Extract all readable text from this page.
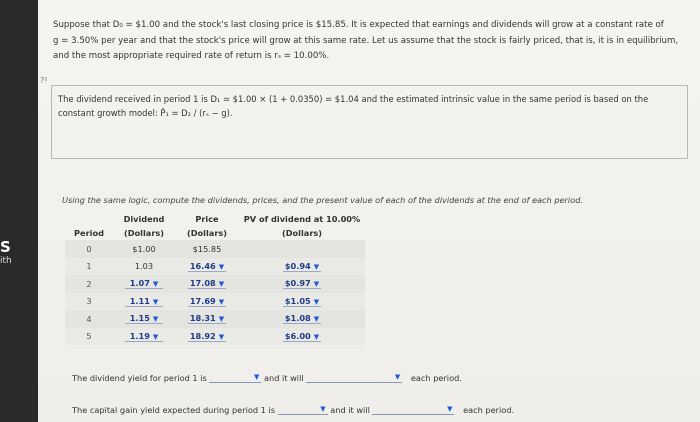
S
ith
Suppose that D₀ = $1.00 and the stock's last closing price is $15.85. It is expected that earnings and dividends will grow at a constant rate of
g = 3.50% per year and that the stock's price will grow at this same rate. Let us assume that the stock is fairly priced, that is, it is in equilibrium,
and the most appropriate required rate of return is rₛ = 10.00%.
?²
The dividend received in period 1 is D₁ = $1.00 × (1 + 0.0350) = $1.04 and the estimated intrinsic value in the same period is based on the
constant growth model: P̂₁ = D₂ / (rₛ − g).
Using the same logic, compute the dividends, prices, and the present value of each of the dividends at the end of each period.
	Dividend	Price	PV of dividend at 10.00%
Period	(Dollars)	(Dollars)	(Dollars)
0	$1.00	$15.85	
1	1.03	16.46 ▼	$0.94 ▼
2	1.07 ▼	17.08 ▼	$0.97 ▼
3	1.11 ▼	17.69 ▼	$1.05 ▼
4	1.15 ▼	18.31 ▼	$1.08 ▼
5	1.19 ▼	18.92 ▼	$6.00 ▼
The dividend yield for period 1 is	▼ and it will	▼ each period.
The capital gain yield expected during period 1 is	▼ and it will	▼ each period.
